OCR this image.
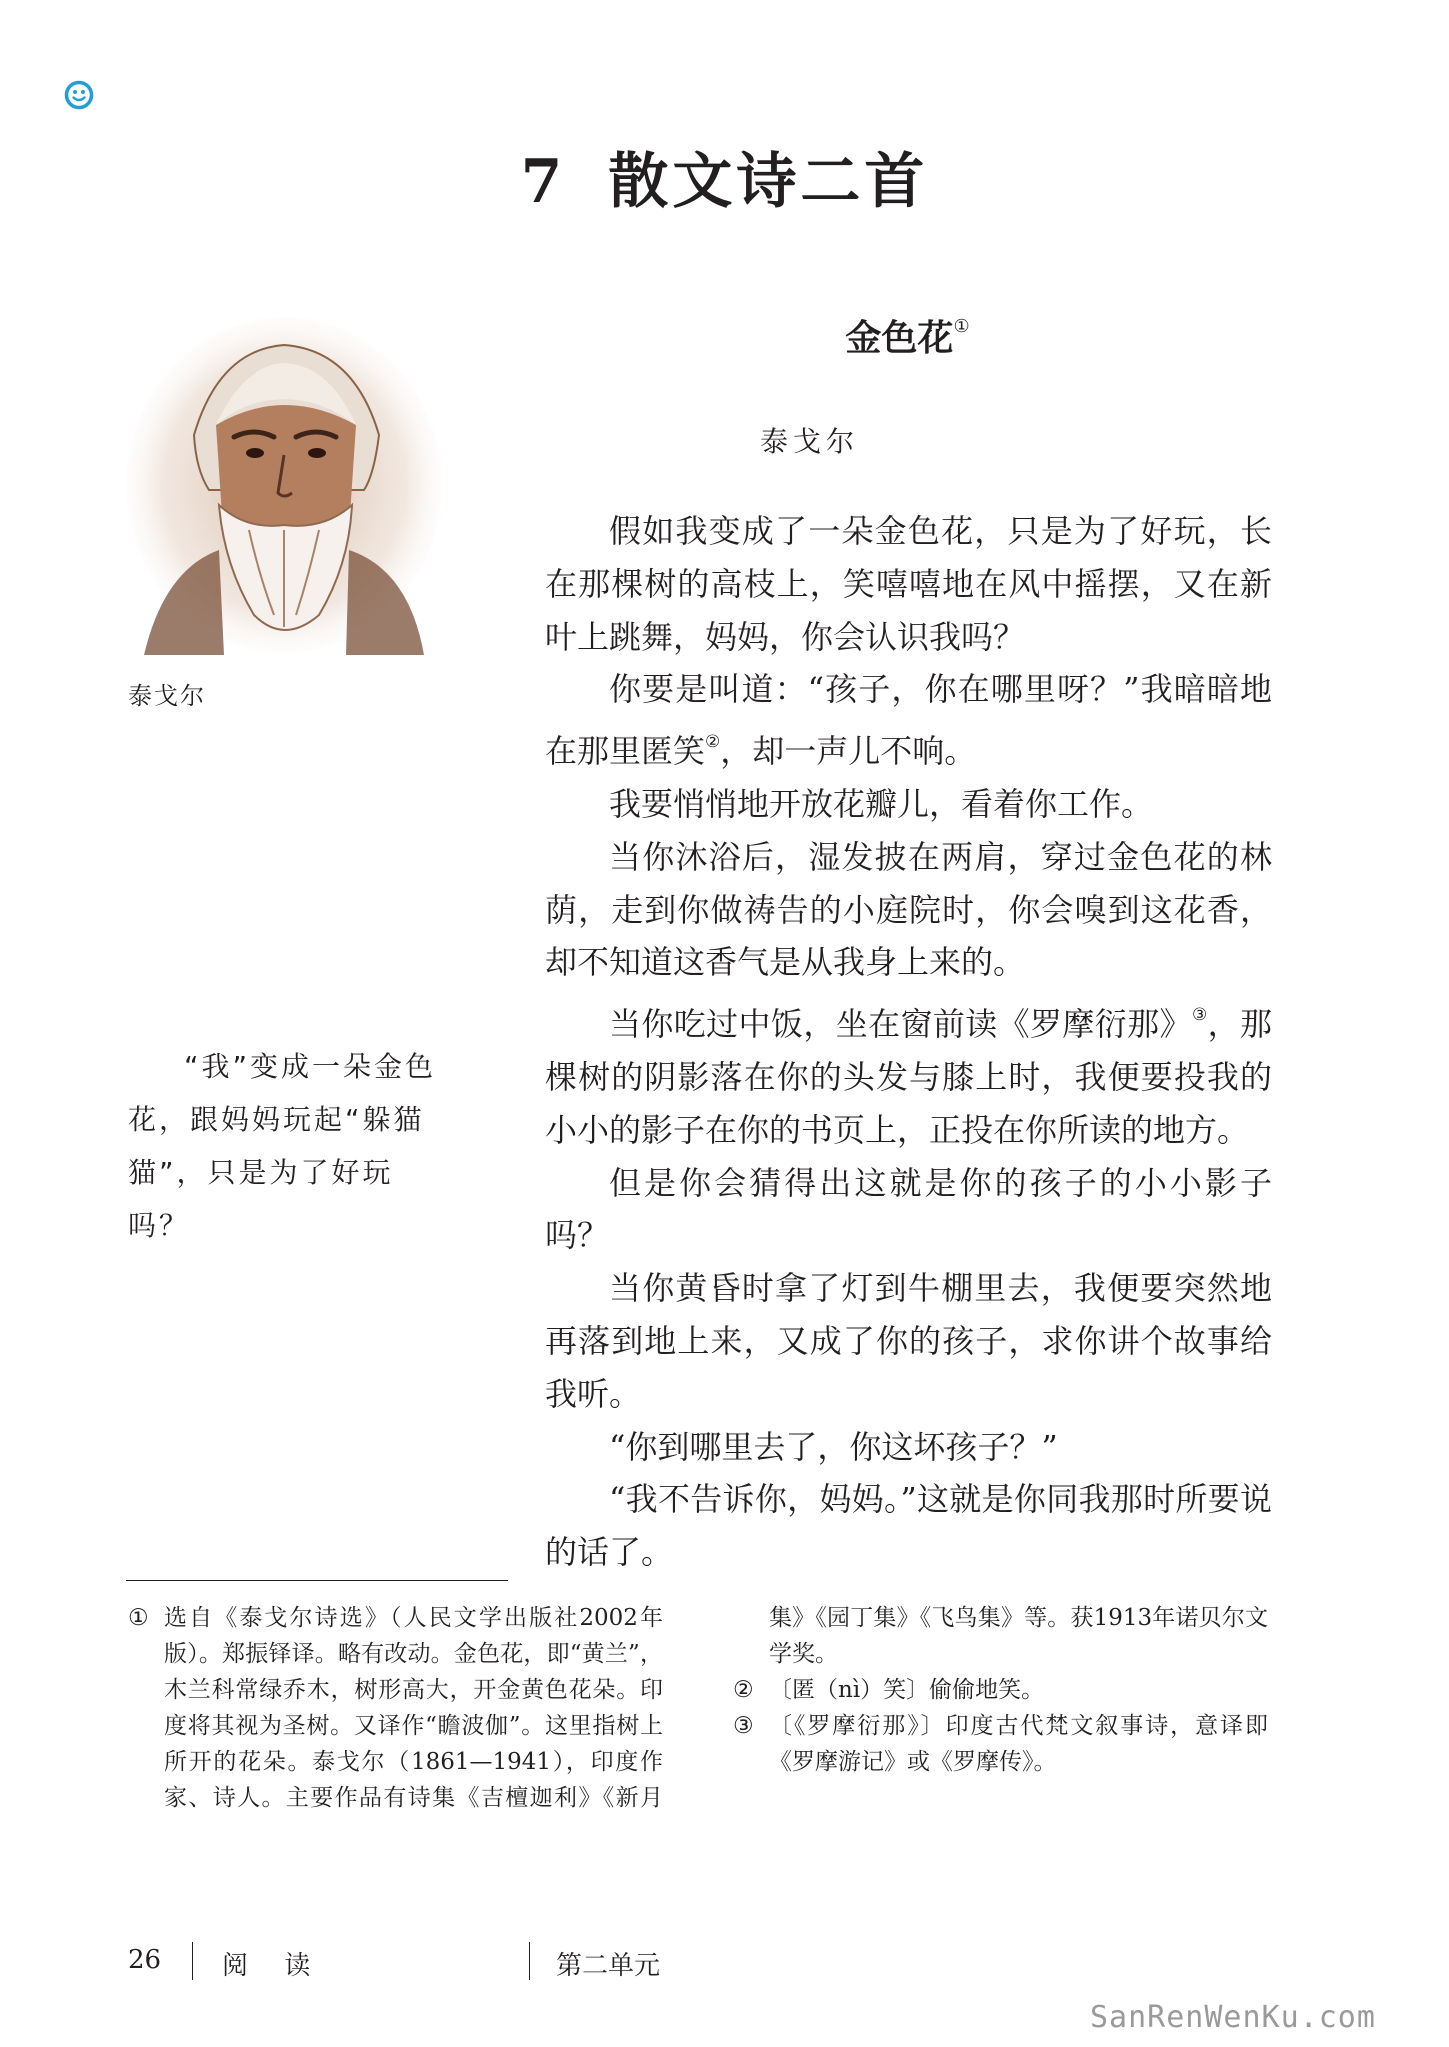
7 散文诗二首
泰戈尔
“我”变成一朵金色花，跟妈妈玩起“躲猫猫”，只是为了好玩吗？
金色花①
泰戈尔

假如我变成了一朵金色花，只是为了好玩，长在那棵树的高枝上，笑嘻嘻地在风中摇摆，又在新叶上跳舞，妈妈，你会认识我吗？

你要是叫道：“孩子，你在哪里呀？”我暗暗地在那里匿笑②，却一声儿不响。

我要悄悄地开放花瓣儿，看着你工作。

当你沐浴后，湿发披在两肩，穿过金色花的林荫，走到你做祷告的小庭院时，你会嗅到这花香，却不知道这香气是从我身上来的。

当你吃过中饭，坐在窗前读《罗摩衍那》③，那棵树的阴影落在你的头发与膝上时，我便要投我的小小的影子在你的书页上，正投在你所读的地方。

但是你会猜得出这就是你的孩子的小小影子吗？

当你黄昏时拿了灯到牛棚里去，我便要突然地再落到地上来，又成了你的孩子，求你讲个故事给我听。

“你到哪里去了，你这坏孩子？”

“我不告诉你，妈妈。”这就是你同我那时所要说的话了。

① 选自《泰戈尔诗选》（人民文学出版社2002年版）。郑振铎译。略有改动。金色花，即“黄兰”，木兰科常绿乔木，树形高大，开金黄色花朵。印度将其视为圣树。又译作“瞻波伽”。这里指树上所开的花朵。泰戈尔（1861—1941），印度作家、诗人。主要作品有诗集《吉檀迦利》《新月集》《园丁集》《飞鸟集》等。获1913年诺贝尔文学奖。

② 〔匿（nì）笑〕偷偷地笑。

③ 〔《罗摩衍那》〕印度古代梵文叙事诗，意译即《罗摩游记》或《罗摩传》。

26 阅 读	第二单元
SanRenWenKu.com
